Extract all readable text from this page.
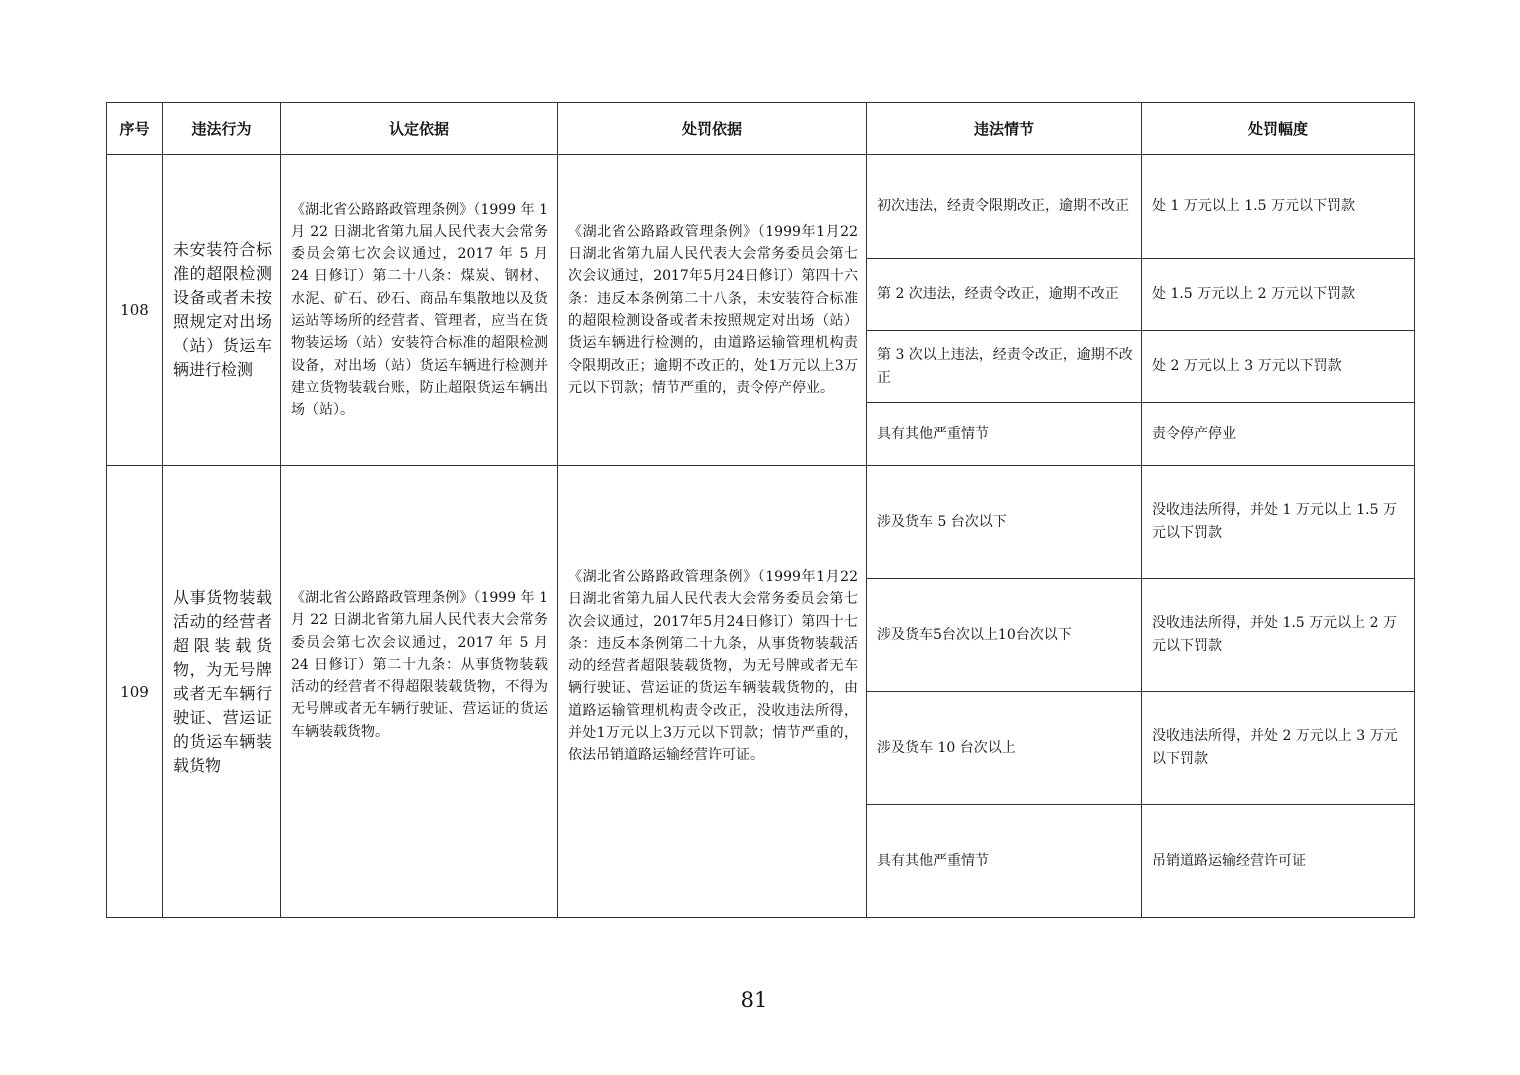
序号	违法行为	认定依据	处罚依据	违法情节	处罚幅度
108	未安装符合标准的超限检测设备或者未按照规定对出场（站）货运车辆进行检测	《湖北省公路路政管理条例》（1999 年 1 月 22 日湖北省第九届人民代表大会常务委员会第七次会议通过，2017 年 5 月 24 日修订）第二十八条：煤炭、钢材、水泥、矿石、砂石、商品车集散地以及货运站等场所的经营者、管理者，应当在货物装运场（站）安装符合标准的超限检测设备，对出场（站）货运车辆进行检测并建立货物装载台账，防止超限货运车辆出场（站）。	《湖北省公路路政管理条例》（1999年1月22日湖北省第九届人民代表大会常务委员会第七次会议通过，2017年5月24日修订）第四十六条：违反本条例第二十八条，未安装符合标准的超限检测设备或者未按照规定对出场（站）货运车辆进行检测的，由道路运输管理机构责令限期改正；逾期不改正的，处1万元以上3万元以下罚款；情节严重的，责令停产停业。	初次违法，经责令限期改正，逾期不改正	处 1 万元以上 1.5 万元以下罚款
				第 2 次违法，经责令改正，逾期不改正	处 1.5 万元以上 2 万元以下罚款
				第 3 次以上违法，经责令改正，逾期不改正	处 2 万元以上 3 万元以下罚款
				具有其他严重情节	责令停产停业
109	从事货物装载活动的经营者超限装载货物，为无号牌或者无车辆行驶证、营运证的货运车辆装载货物	《湖北省公路路政管理条例》（1999 年 1 月 22 日湖北省第九届人民代表大会常务委员会第七次会议通过，2017 年 5 月 24 日修订）第二十九条：从事货物装载活动的经营者不得超限装载货物，不得为无号牌或者无车辆行驶证、营运证的货运车辆装载货物。	《湖北省公路路政管理条例》（1999年1月22日湖北省第九届人民代表大会常务委员会第七次会议通过，2017年5月24日修订）第四十七条：违反本条例第二十九条，从事货物装载活动的经营者超限装载货物，为无号牌或者无车辆行驶证、营运证的货运车辆装载货物的，由道路运输管理机构责令改正，没收违法所得，并处1万元以上3万元以下罚款；情节严重的，依法吊销道路运输经营许可证。	涉及货车 5 台次以下	没收违法所得，并处 1 万元以上 1.5 万元以下罚款
				涉及货车5台次以上10台次以下	没收违法所得，并处 1.5 万元以上 2 万元以下罚款
				涉及货车 10 台次以上	没收违法所得，并处 2 万元以上 3 万元以下罚款
				具有其他严重情节	吊销道路运输经营许可证
81
